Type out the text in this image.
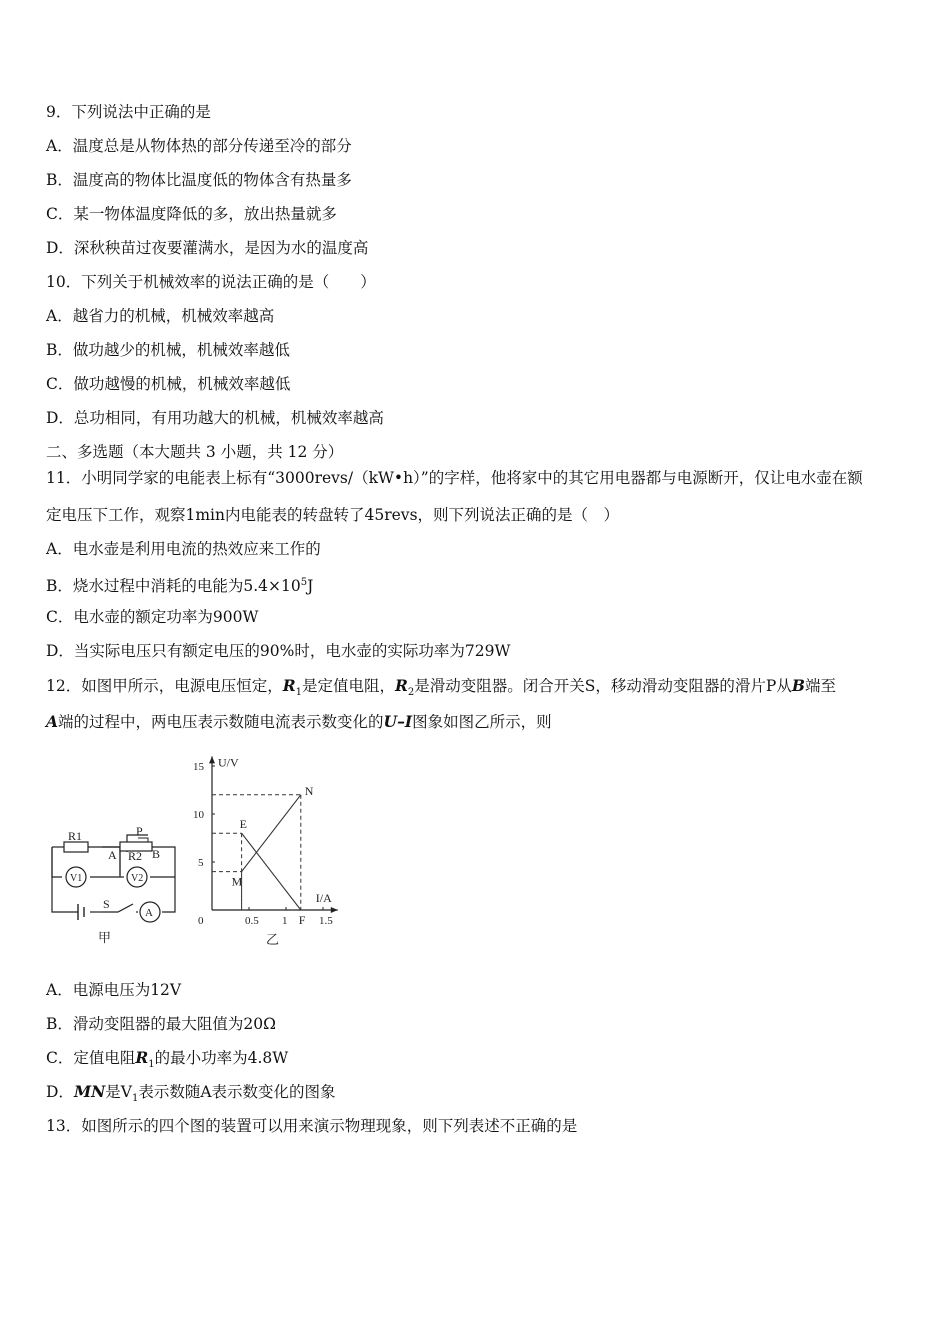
9．下列说法中正确的是
A．温度总是从物体热的部分传递至冷的部分
B．温度高的物体比温度低的物体含有热量多
C．某一物体温度降低的多，放出热量就多
D．深秋秧苗过夜要灌满水，是因为水的温度高
10．下列关于机械效率的说法正确的是（　　）
A．越省力的机械，机械效率越高
B．做功越少的机械，机械效率越低
C．做功越慢的机械，机械效率越低
D．总功相同，有用功越大的机械，机械效率越高
二、多选题（本大题共 3 小题，共 12 分）
11．小明同学家的电能表上标有“3000revs/（kW•h）”的字样，他将家中的其它用电器都与电源断开，仅让电水壶在额
定电压下工作，观察1min内电能表的转盘转了45revs，则下列说法正确的是（　）
A．电水壶是利用电流的热效应来工作的
B．烧水过程中消耗的电能为$5.4\times 10^5J$
C．电水壶的额定功率为900W
D．当实际电压只有额定电压的90%时，电水壶的实际功率为729W
12．如图甲所示，电源电压恒定，$R_1$是定值电阻，$R_2$是滑动变阻器。闭合开关S，移动滑动变阻器的滑片P从B端至
A端的过程中，两电压表示数随电流表示数变化的U–I图象如图乙所示，则
R1	P
A R2 B
V1	V2
S
A
甲
I/A
U/V
0	0.5 1	1.5
5
10
15
M
N
E
F
乙
A．电源电压为12V
B．滑动变阻器的最大阻值为20Ω
C．定值电阻$R_1$的最小功率为4.8W
D．MN是$V_1$表示数随A表示数变化的图象
13．如图所示的四个图的装置可以用来演示物理现象，则下列表述不正确的是
